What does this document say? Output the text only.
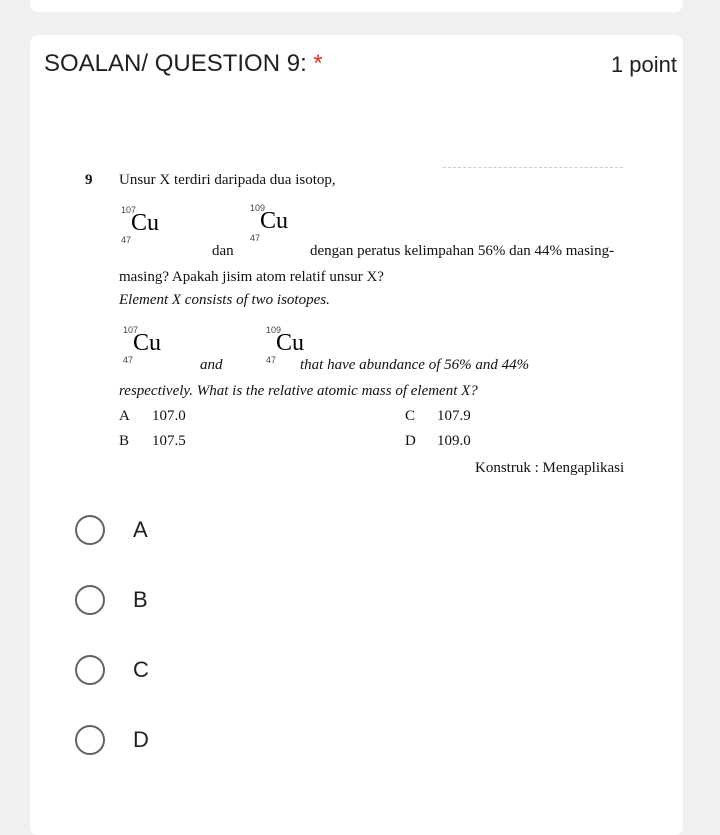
SOALAN/ QUESTION 9: *	1 point
9 Unsur X terdiri daripada dua isotop,
107
Cu
47
dan
109
Cu
47
dengan peratus kelimpahan 56% dan 44% masing-
masing? Apakah jisim atom relatif unsur X?
Element X consists of two isotopes.
107
Cu
47	and
109
Cu
47 that have abundance of 56% and 44%
respectively. What is the relative atomic mass of element X?
A 107.0
B 107.5
C 107.9
D 109.0
Konstruk : Mengaplikasi
A
B
C
D
